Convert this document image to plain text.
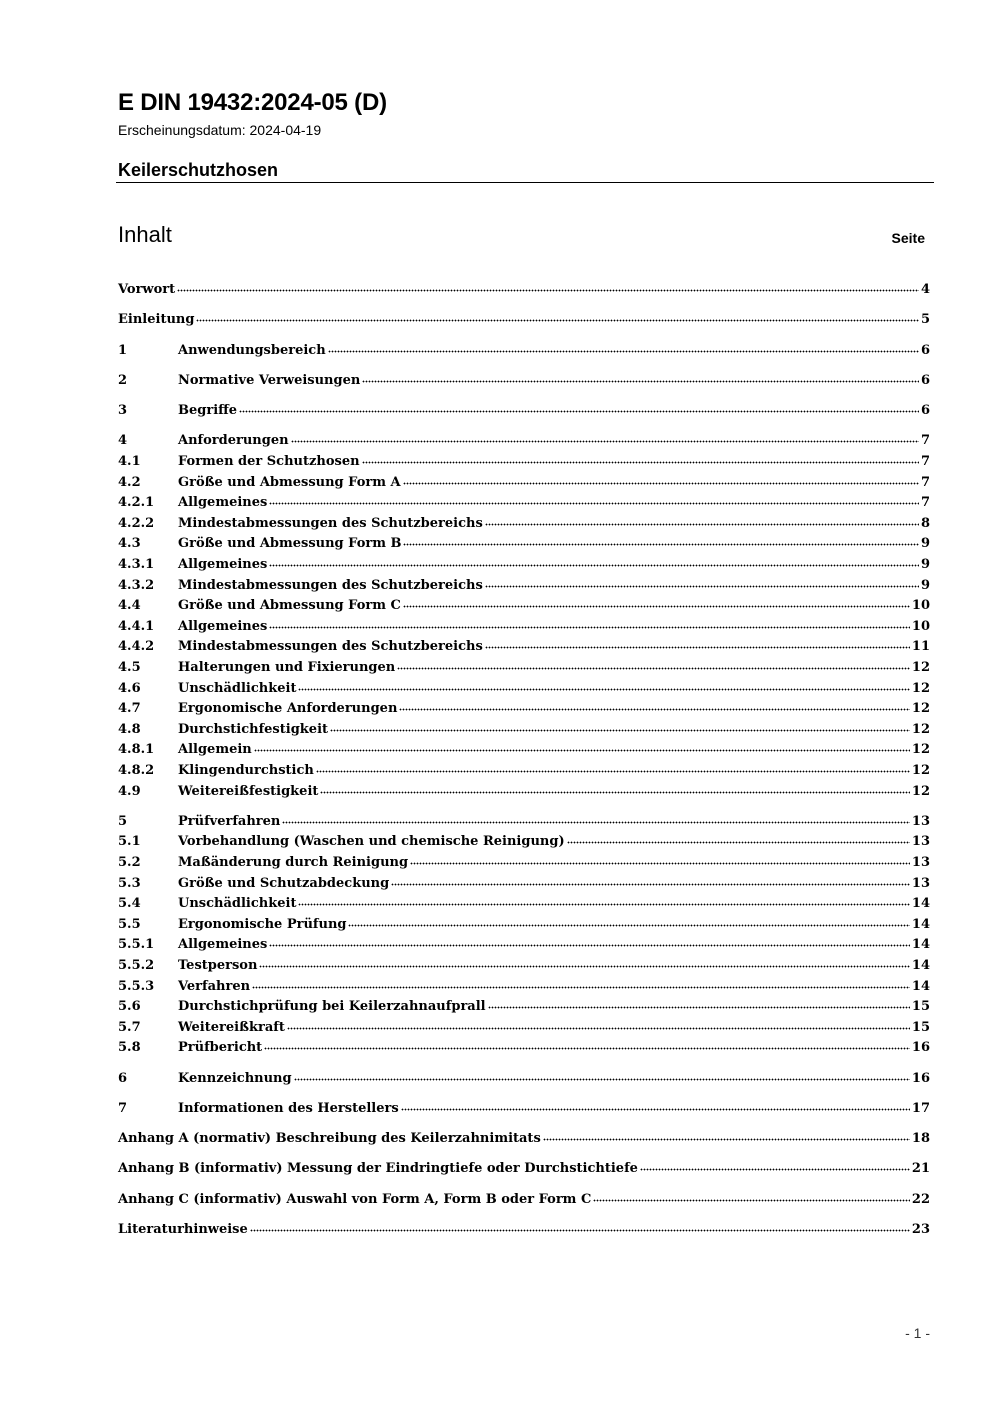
E DIN 19432:2024-05 (D)
Erscheinungsdatum: 2024-04-19
Keilerschutzhosen
Inhalt	Seite
Vorwort	4
Einleitung	5
1	Anwendungsbereich	6
2	Normative Verweisungen	6
3	Begriffe	6
4	Anforderungen	7
4.1	Formen der Schutzhosen	7
4.2	Größe und Abmessung Form A	7
4.2.1	Allgemeines	7
4.2.2	Mindestabmessungen des Schutzbereichs	8
4.3	Größe und Abmessung Form B	9
4.3.1	Allgemeines	9
4.3.2	Mindestabmessungen des Schutzbereichs	9
4.4	Größe und Abmessung Form C	10
4.4.1	Allgemeines	10
4.4.2	Mindestabmessungen des Schutzbereichs	11
4.5	Halterungen und Fixierungen	12
4.6	Unschädlichkeit	12
4.7	Ergonomische Anforderungen	12
4.8	Durchstichfestigkeit	12
4.8.1	Allgemein	12
4.8.2	Klingendurchstich	12
4.9	Weitereißfestigkeit	12
5	Prüfverfahren	13
5.1	Vorbehandlung (Waschen und chemische Reinigung)	13
5.2	Maßänderung durch Reinigung	13
5.3	Größe und Schutzabdeckung	13
5.4	Unschädlichkeit	14
5.5	Ergonomische Prüfung	14
5.5.1	Allgemeines	14
5.5.2	Testperson	14
5.5.3	Verfahren	14
5.6	Durchstichprüfung bei Keilerzahnaufprall	15
5.7	Weitereißkraft	15
5.8	Prüfbericht	16
6	Kennzeichnung	16
7	Informationen des Herstellers	17
Anhang A (normativ) Beschreibung des Keilerzahnimitats	18
Anhang B (informativ) Messung der Eindringtiefe oder Durchstichtiefe	21
Anhang C (informativ) Auswahl von Form A, Form B oder Form C	22
Literaturhinweise	23
- 1 -
